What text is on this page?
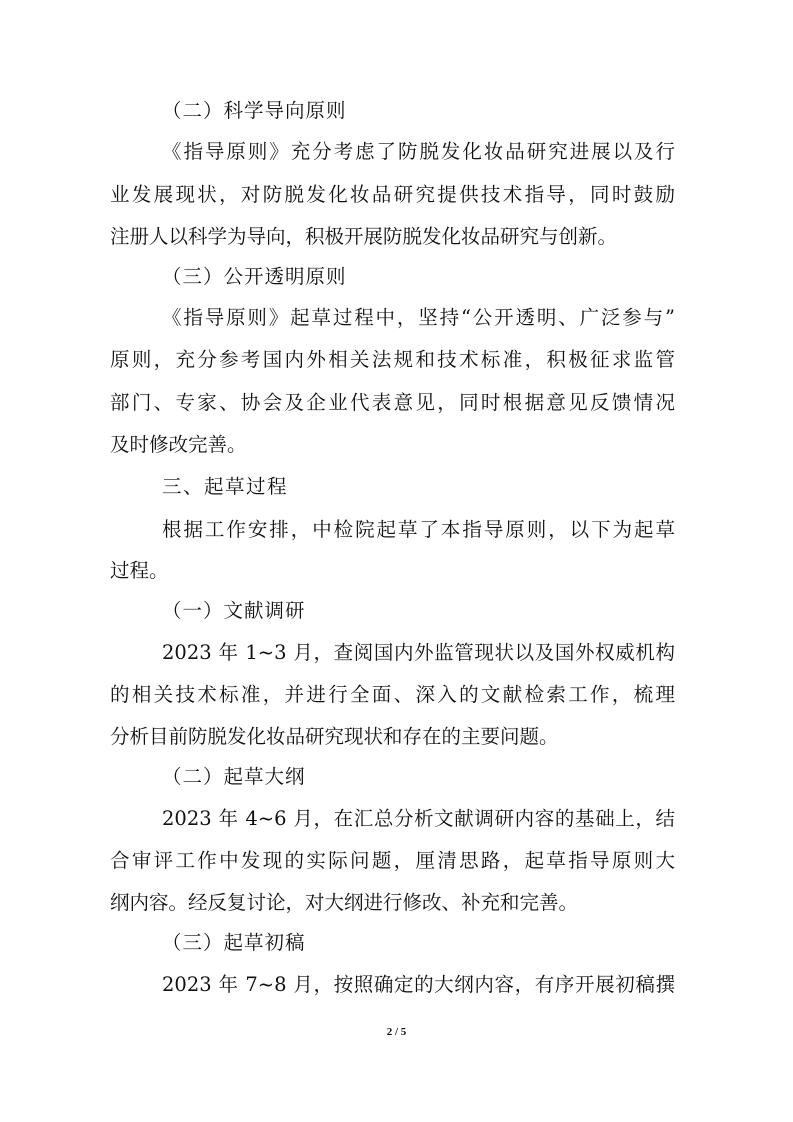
（二）科学导向原则
《指导原则》充分考虑了防脱发化妆品研究进展以及行
业发展现状，对防脱发化妆品研究提供技术指导，同时鼓励
注册人以科学为导向，积极开展防脱发化妆品研究与创新。
（三）公开透明原则
《指导原则》起草过程中，坚持“公开透明、广泛参与”
原则，充分参考国内外相关法规和技术标准，积极征求监管
部门、专家、协会及企业代表意见，同时根据意见反馈情况
及时修改完善。
三、起草过程
根据工作安排，中检院起草了本指导原则，以下为起草
过程。
（一）文献调研
2023 年 1~3 月，查阅国内外监管现状以及国外权威机构
的相关技术标准，并进行全面、深入的文献检索工作，梳理
分析目前防脱发化妆品研究现状和存在的主要问题。
（二）起草大纲
2023 年 4~6 月，在汇总分析文献调研内容的基础上，结
合审评工作中发现的实际问题，厘清思路，起草指导原则大
纲内容。经反复讨论，对大纲进行修改、补充和完善。
（三）起草初稿
2023 年 7~8 月，按照确定的大纲内容，有序开展初稿撰
2 / 5
